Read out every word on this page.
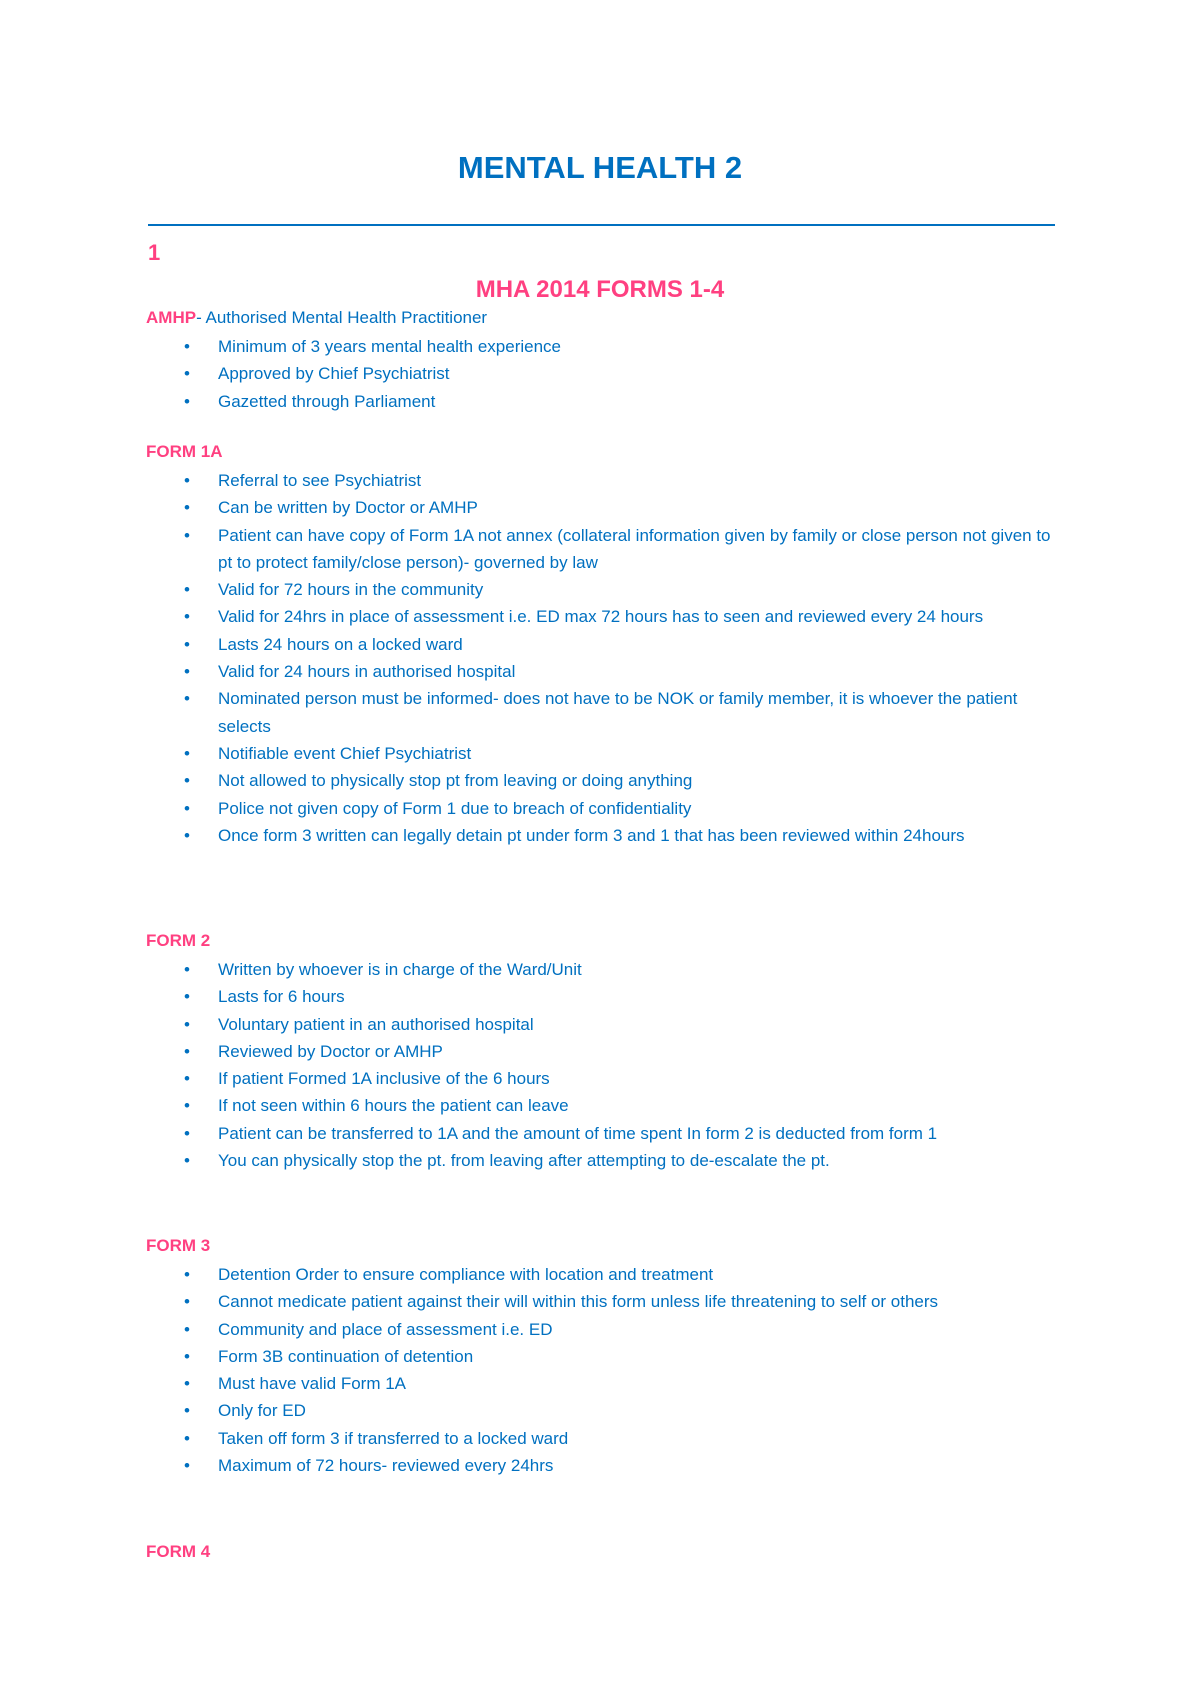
MENTAL HEALTH 2
1
MHA 2014 FORMS 1-4
AMHP- Authorised Mental Health Practitioner
• Minimum of 3 years mental health experience
• Approved by Chief Psychiatrist
• Gazetted through Parliament
FORM 1A
• Referral to see Psychiatrist
• Can be written by Doctor or AMHP
• Patient can have copy of Form 1A not annex (collateral information given by family or close person not given to pt to protect family/close person)- governed by law
• Valid for 72 hours in the community
• Valid for 24hrs in place of assessment i.e. ED max 72 hours has to seen and reviewed every 24 hours
• Lasts 24 hours on a locked ward
• Valid for 24 hours in authorised hospital
• Nominated person must be informed- does not have to be NOK or family member, it is whoever the patient selects
• Notifiable event Chief Psychiatrist
• Not allowed to physically stop pt from leaving or doing anything
• Police not given copy of Form 1 due to breach of confidentiality
• Once form 3 written can legally detain pt under form 3 and 1 that has been reviewed within 24hours
FORM 2
• Written by whoever is in charge of the Ward/Unit
• Lasts for 6 hours
• Voluntary patient in an authorised hospital
• Reviewed by Doctor or AMHP
• If patient Formed 1A inclusive of the 6 hours
• If not seen within 6 hours the patient can leave
• Patient can be transferred to 1A and the amount of time spent In form 2 is deducted from form 1
• You can physically stop the pt. from leaving after attempting to de-escalate the pt.
FORM 3
• Detention Order to ensure compliance with location and treatment
• Cannot medicate patient against their will within this form unless life threatening to self or others
• Community and place of assessment i.e. ED
• Form 3B continuation of detention
• Must have valid Form 1A
• Only for ED
• Taken off form 3 if transferred to a locked ward
• Maximum of 72 hours- reviewed every 24hrs
FORM 4
